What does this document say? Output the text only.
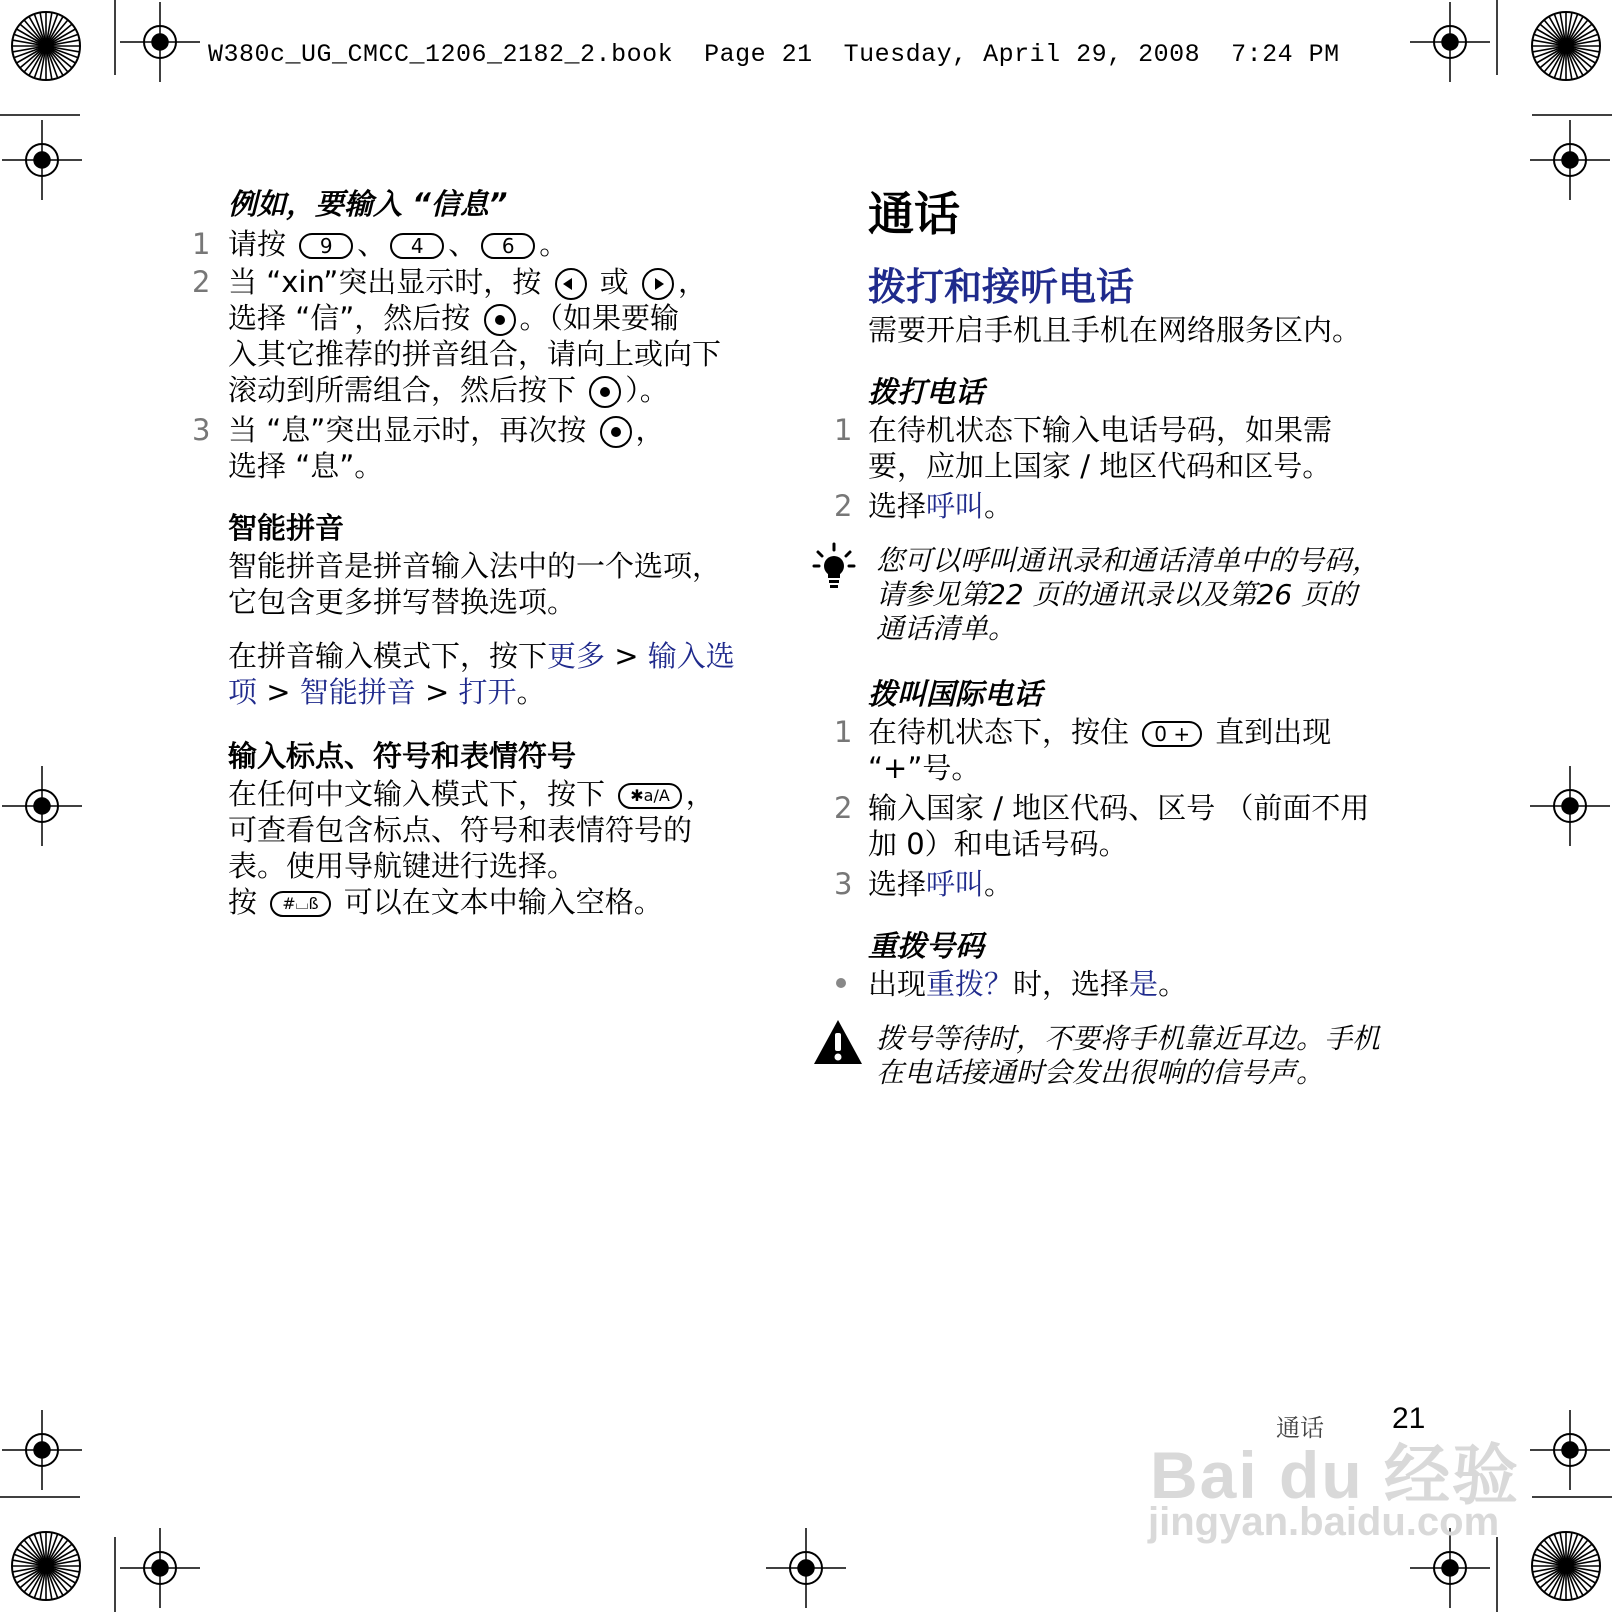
W380c_UG_CMCC_1206_2182_2.book  Page 21  Tuesday, April 29, 2008  7:24 PM
例如，要输入 “信息”
1 请按 9 、 4 、 6 。
2 当 “xin”突出显示时，按 或 ，
选择 “信”，然后按 。（如果要输
入其它推荐的拼音组合，请向上或向下
滚动到所需组合，然后按下 ）。
3 当 “息”突出显示时，再次按 ，
选择 “息”。
智能拼音
智能拼音是拼音输入法中的一个选项，
它包含更多拼写替换选项。
在拼音输入模式下，按下更多 > 输入选
项 > 智能拼音 > 打开。
输入标点、符号和表情符号
在任何中文输入模式下，按下 ✱a/A ，
可查看包含标点、符号和表情符号的
表。使用导航键进行选择。
按 #⌴ß 可以在文本中输入空格。
通话
拨打和接听电话
需要开启手机且手机在网络服务区内。
拨打电话
1 在待机状态下输入电话号码，如果需
要，应加上国家 / 地区代码和区号。
2 选择呼叫。
您可以呼叫通讯录和通话清单中的号码，
请参见第22 页的通讯录以及第26 页的
通话清单。
拨叫国际电话
1 在待机状态下，按住 0 + 直到出现
“+”号。
2 输入国家 / 地区代码、区号 （前面不用
加 0）和电话号码。
3 选择呼叫。
重拨号码
出现重拨？时，选择是。
拨号等待时，不要将手机靠近耳边。手机
在电话接通时会发出很响的信号声。
通话 21
Bai du 经验
jingyan.baidu.com
